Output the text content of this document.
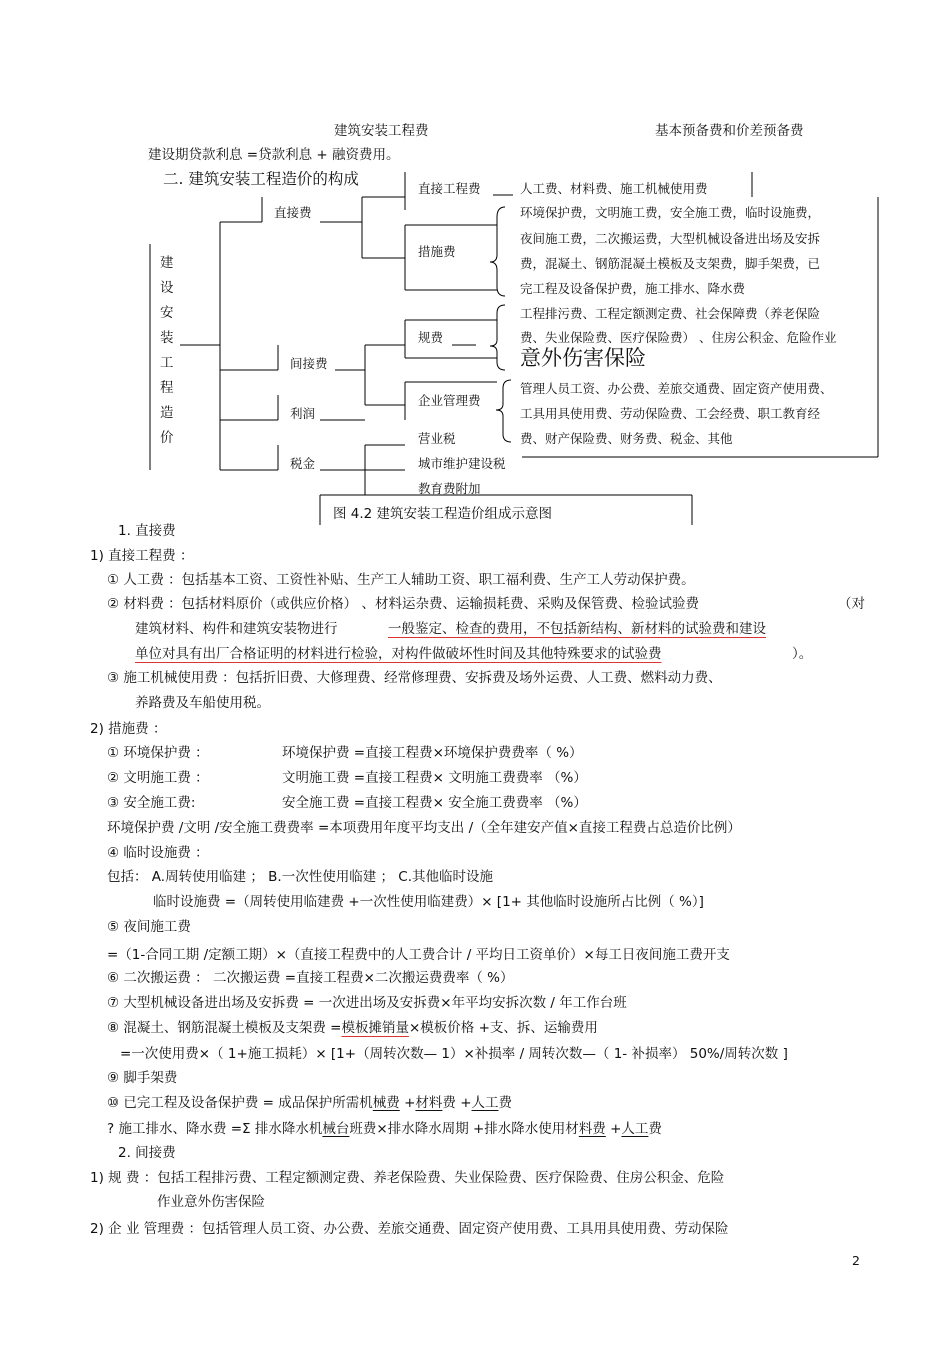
建筑安装工程费	基本预备费和价差预备费
建设期贷款利息 =贷款利息 + 融资费用。
二. 建筑安装工程造价的构成
建
设
安
装
工
程
造
价
直接费
直接工程费	人工费、材料费、施工机械使用费
措施费
环境保护费，文明施工费，安全施工费，临时设施费，
夜间施工费，二次搬运费，大型机械设备进出场及安拆
费，混凝土、钢筋混凝土模板及支架费，脚手架费，已
完工程及设备保护费，施工排水、降水费
规费
工程排污费、工程定额测定费、社会保障费（养老保险
费、失业保险费、医疗保险费） 、住房公积金、危险作业
意外伤害保险
间接费
利润
企业管理费
管理人员工资、办公费、差旅交通费、固定资产使用费、
工具用具使用费、劳动保险费、工会经费、职工教育经
费、财产保险费、财务费、税金、其他
税金
营业税
城市维护建设税
教育费附加
图 4.2 建筑安装工程造价组成示意图
1. 直接费
1) 直接工程费 ：
① 人工费 ：包括基本工资、工资性补贴、生产工人辅助工资、职工福利费、生产工人劳动保护费。
② 材料费 ：包括材料原价（或供应价格） 、材料运杂费、运输损耗费、采购及保管费、检验试验费	（对
建筑材料、构件和建筑安装物进行	一般鉴定、检查的费用，不包括新结构、新材料的试验费和建设
单位对具有出厂合格证明的材料进行检验，对构件做破坏性时间及其他特殊要求的试验费	）。
③ 施工机械使用费 ：包括折旧费、大修理费、经常修理费、安拆费及场外运费、人工费、燃料动力费、
养路费及车船使用税。
2) 措施费 ：
① 环境保护费 ：	环境保护费 =直接工程费×环境保护费费率（ %）
② 文明施工费 ：	文明施工费 =直接工程费× 文明施工费费率 （%）
③ 安全施工费:	安全施工费 =直接工程费× 安全施工费费率 （%）
环境保护费 /文明 /安全施工费费率 =本项费用年度平均支出 /（全年建安产值×直接工程费占总造价比例）
④ 临时设施费 ：
包括： A.周转使用临建 ； B.一次性使用临建 ； C.其他临时设施
临时设施费 =（周转使用临建费 +一次性使用临建费）× [1+ 其他临时设施所占比例（ %）]
⑤ 夜间施工费
=（1-合同工期 /定额工期）×（直接工程费中的人工费合计 / 平均日工资单价）×每工日夜间施工费开支
⑥ 二次搬运费 ： 二次搬运费 =直接工程费×二次搬运费费率（ %）
⑦ 大型机械设备进出场及安拆费 = 一次进出场及安拆费×年平均安拆次数 / 年工作台班
⑧ 混凝土、钢筋混凝土模板及支架费 =模板摊销量×模板价格 +支、拆、运输费用
=一次使用费×（ 1+施工损耗）× [1+（周转次数— 1）×补损率 / 周转次数—（ 1- 补损率） 50%/周转次数 ]
⑨ 脚手架费
⑩ 已完工程及设备保护费 = 成品保护所需机械费 +材料费 +人工费
? 施工排水、降水费 =Σ 排水降水机械台班费×排水降水周期 +排水降水使用材料费 +人工费
2. 间接费
1) 规 费 ：包括工程排污费、工程定额测定费、养老保险费、失业保险费、医疗保险费、住房公积金、危险
作业意外伤害保险
2) 企 业 管理费 ：包括管理人员工资、办公费、差旅交通费、固定资产使用费、工具用具使用费、劳动保险
2
